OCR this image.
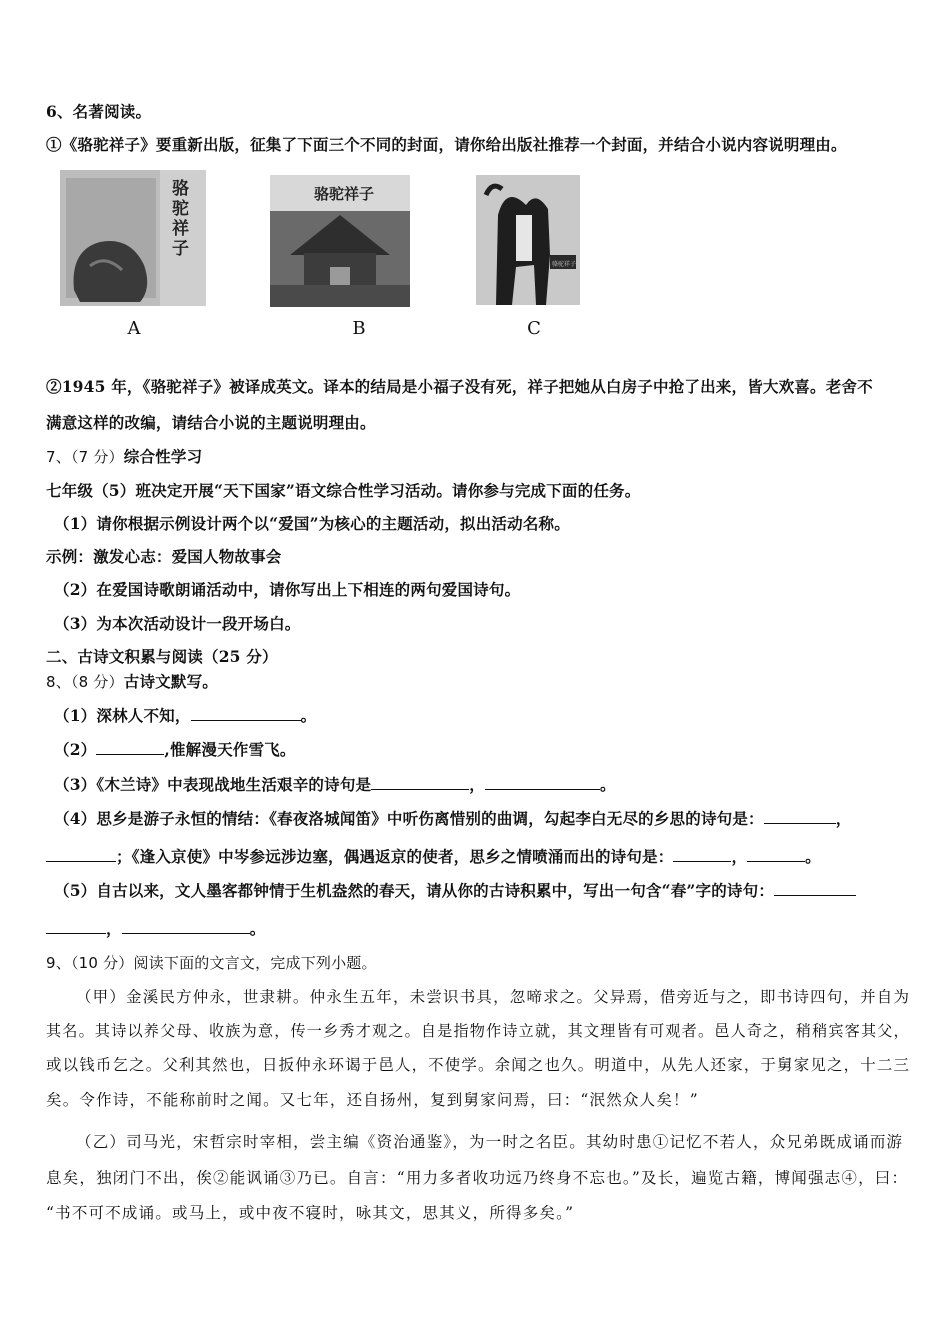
6、名著阅读。
①《骆驼祥子》要重新出版，征集了下面三个不同的封面，请你给出版社推荐一个封面，并结合小说内容说明理由。
骆
驼
祥
子
A
骆驼祥子
B
骆驼祥子
C
②1945 年，《骆驼祥子》被译成英文。译本的结局是小福子没有死，祥子把她从白房子中抢了出来，皆大欢喜。老舍不
满意这样的改编，请结合小说的主题说明理由。
7、（7 分）综合性学习
七年级（5）班决定开展“天下国家”语文综合性学习活动。请你参与完成下面的任务。
（1）请你根据示例设计两个以“爱国”为核心的主题活动，拟出活动名称。
示例：激发心志：爱国人物故事会
（2）在爱国诗歌朗诵活动中，请你写出上下相连的两句爱国诗句。
（3）为本次活动设计一段开场白。
二、古诗文积累与阅读（25 分）
8、（8 分）古诗文默写。
（1）深林人不知，	。
（2）	,惟解漫天作雪飞。
（3）《木兰诗》中表现战地生活艰辛的诗句是	，	。
（4）思乡是游子永恒的情结：《春夜洛城闻笛》中听伤离惜别的曲调，勾起李白无尽的乡思的诗句是：	，
；《逢入京使》中岑参远涉边塞，偶遇返京的使者，思乡之情喷涌而出的诗句是：	，	。
（5）自古以来，文人墨客都钟情于生机盎然的春天，请从你的古诗积累中，写出一句含“春”字的诗句：
，	。
9、（10 分）阅读下面的文言文，完成下列小题。
（甲）金溪民方仲永，世隶耕。仲永生五年，未尝识书具，忽啼求之。父异焉，借旁近与之，即书诗四句，并自为
其名。其诗以养父母、收族为意，传一乡秀才观之。自是指物作诗立就，其文理皆有可观者。邑人奇之，稍稍宾客其父，
或以钱币乞之。父利其然也，日扳仲永环谒于邑人，不使学。余闻之也久。明道中，从先人还家，于舅家见之，十二三
矣。令作诗，不能称前时之闻。又七年，还自扬州，复到舅家问焉，曰：“泯然众人矣！”
（乙）司马光，宋哲宗时宰相，尝主编《资治通鉴》，为一时之名臣。其幼时患①记忆不若人，众兄弟既成诵而游
息矣，独闭门不出，俟②能讽诵③乃已。自言：“用力多者收功远乃终身不忘也。”及长，遍览古籍，博闻强志④，曰：
“书不可不成诵。或马上，或中夜不寝时，咏其文，思其义，所得多矣。”
